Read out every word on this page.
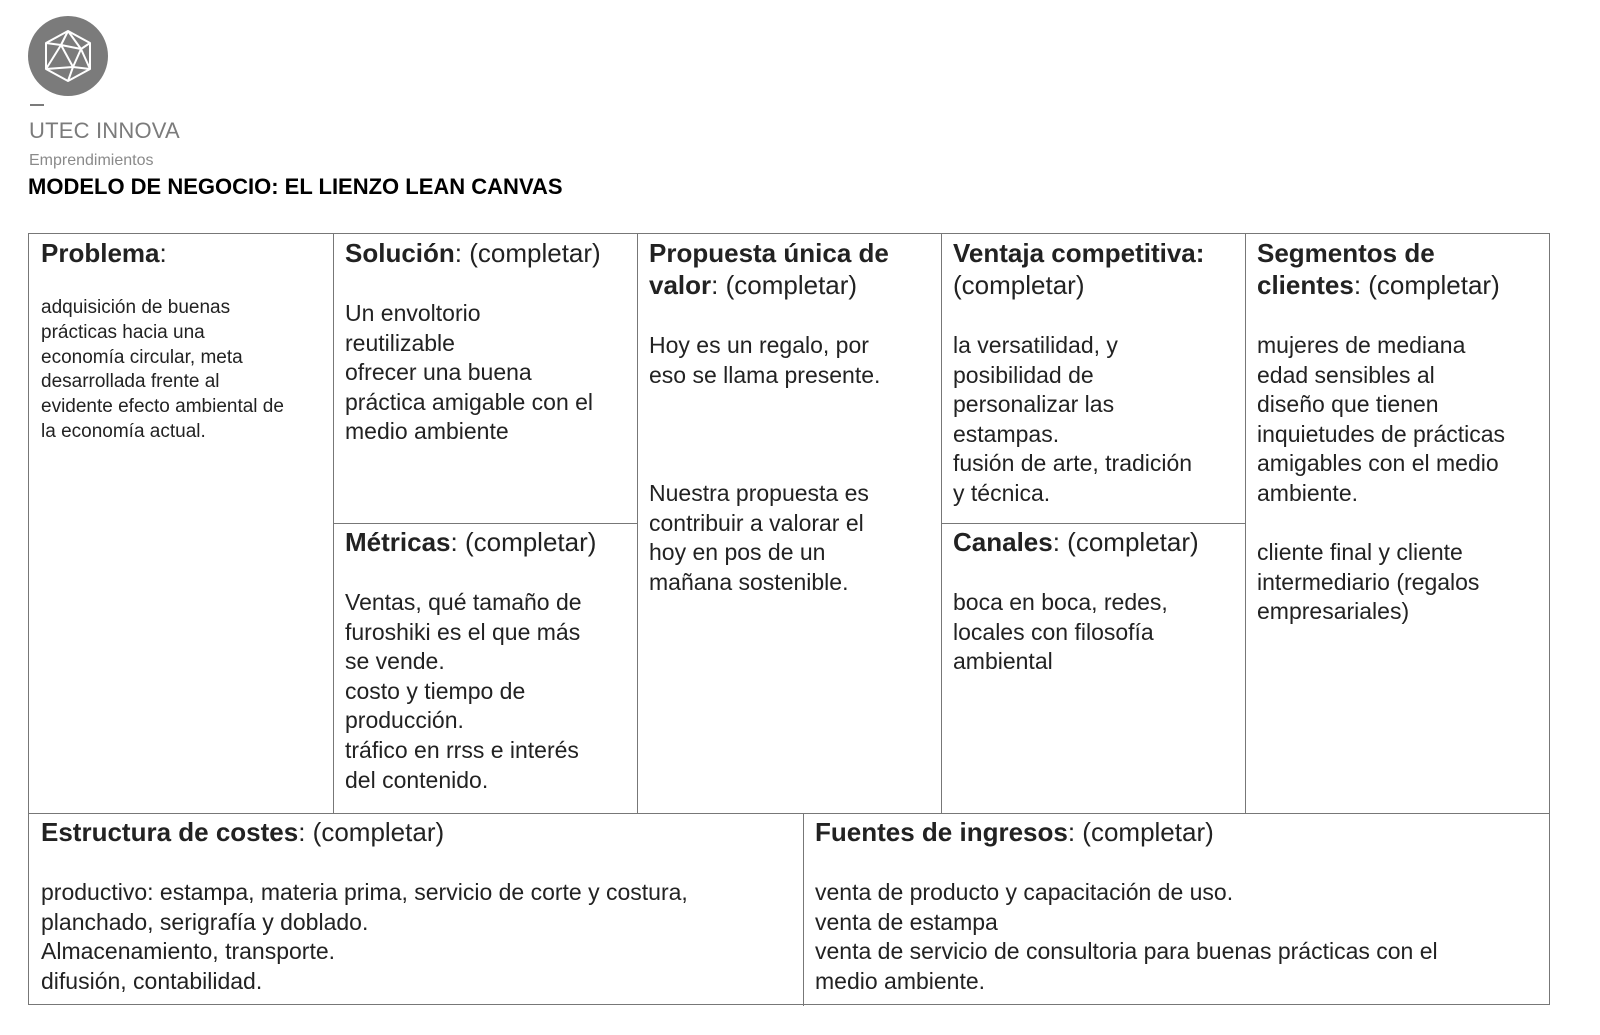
UTEC INNOVA
Emprendimientos
MODELO DE NEGOCIO: EL LIENZO LEAN CANVAS
Problema:
adquisición de buenas
prácticas hacia una
economía circular, meta
desarrollada frente al
evidente efecto ambiental de
la economía actual.
Solución: (completar)
Un envoltorio
reutilizable
ofrecer una buena
práctica amigable con el
medio ambiente
Métricas: (completar)
Ventas, qué tamaño de
furoshiki es el que más
se vende.
costo y tiempo de
producción.
tráfico en rrss e interés
del contenido.
Propuesta única de
valor: (completar)
Hoy es un regalo, por
eso se llama presente.
Nuestra propuesta es
contribuir a valorar el
hoy en pos de un
mañana sostenible.
Ventaja competitiva:
(completar)
la versatilidad, y
posibilidad de
personalizar las
estampas.
fusión de arte, tradición
y técnica.
Canales: (completar)
boca en boca, redes,
locales con filosofía
ambiental
Segmentos de
clientes: (completar)
mujeres de mediana
edad sensibles al
diseño que tienen
inquietudes de prácticas
amigables con el medio
ambiente.
cliente final y cliente
intermediario (regalos
empresariales)
Estructura de costes: (completar)
productivo: estampa, materia prima, servicio de corte y costura,
planchado, serigrafía y doblado.
Almacenamiento, transporte.
difusión, contabilidad.
Fuentes de ingresos: (completar)
venta de producto y capacitación de uso.
venta de estampa
venta de servicio de consultoria para buenas prácticas con el
medio ambiente.
